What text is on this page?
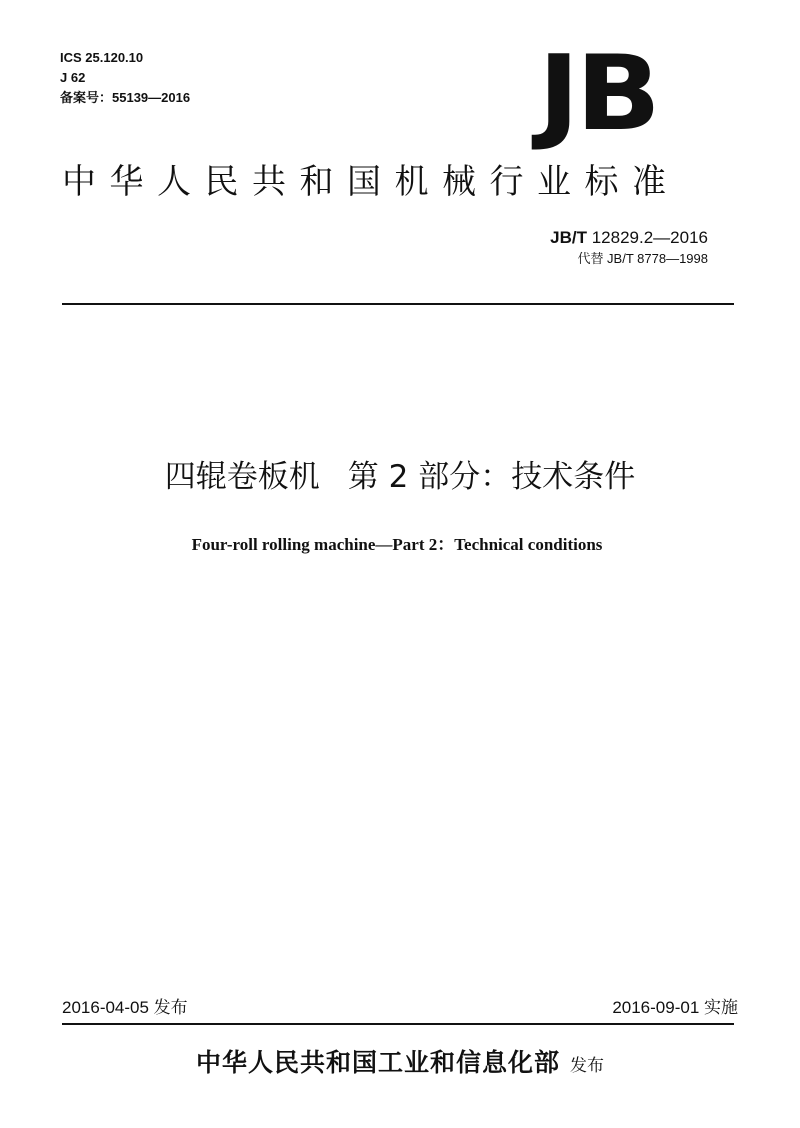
ICS 25.120.10
J 62
备案号：55139—2016	JB
中华人民共和国机械行业标准
JB/T 12829.2—2016
代替 JB/T 8778—1998
四辊卷板机 第 2 部分：技术条件
Four-roll rolling machine—Part 2：Technical conditions
2016-04-05 发布	2016-09-01 实施
中华人民共和国工业和信息化部 发布
